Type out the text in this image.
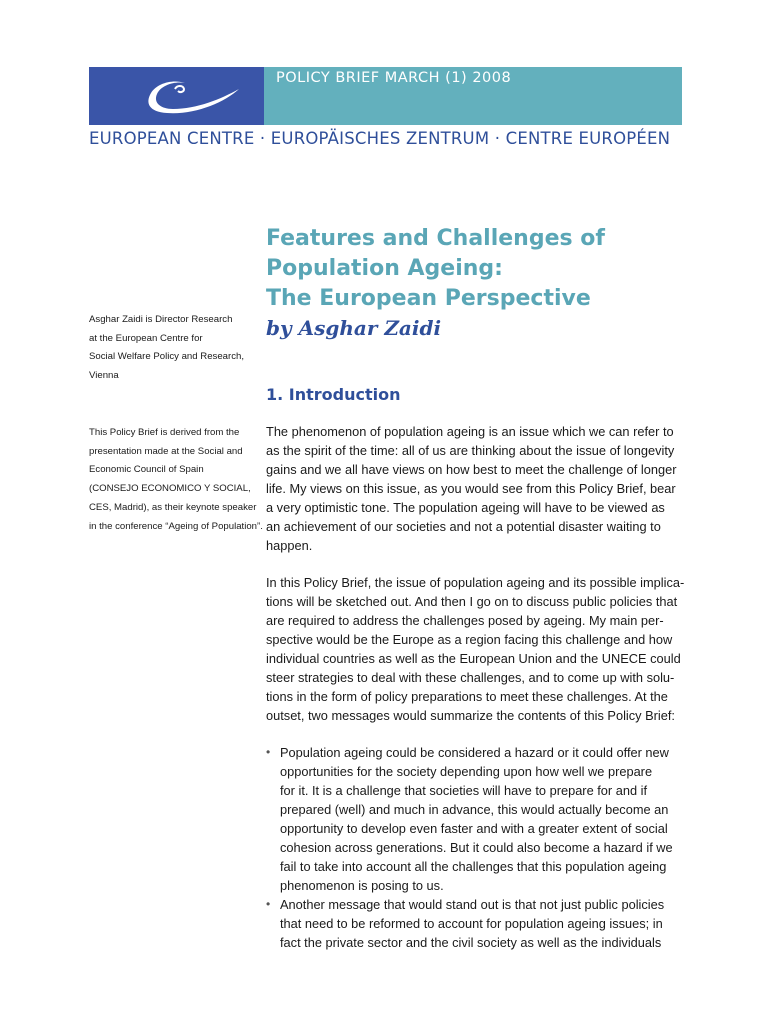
POLICY BRIEF MARCH (1) 2008
EUROPEAN CENTRE · EUROPÄISCHES ZENTRUM · CENTRE EUROPÉEN
Features and Challenges of
Population Ageing:
The European Perspective
by Asghar Zaidi
Asghar Zaidi is Director Research
at the European Centre for
Social Welfare Policy and Research,
Vienna
This Policy Brief is derived from the
presentation made at the Social and
Economic Council of Spain
(CONSEJO ECONOMICO Y SOCIAL,
CES, Madrid), as their keynote speaker
in the conference “Ageing of Population”.
1. Introduction
The phenomenon of population ageing is an issue which we can refer to
as the spirit of the time: all of us are thinking about the issue of longevity
gains and we all have views on how best to meet the challenge of longer
life. My views on this issue, as you would see from this Policy Brief, bear
a very optimistic tone. The population ageing will have to be viewed as
an achievement of our societies and not a potential disaster waiting to
happen.
In this Policy Brief, the issue of population ageing and its possible implica-
tions will be sketched out. And then I go on to discuss public policies that
are required to address the challenges posed by ageing. My main per-
spective would be the Europe as a region facing this challenge and how
individual countries as well as the European Union and the UNECE could
steer strategies to deal with these challenges, and to come up with solu-
tions in the form of policy preparations to meet these challenges. At the
outset, two messages would summarize the contents of this Policy Brief:
• Population ageing could be considered a hazard or it could offer new
opportunities for the society depending upon how well we prepare
for it. It is a challenge that societies will have to prepare for and if
prepared (well) and much in advance, this would actually become an
opportunity to develop even faster and with a greater extent of social
cohesion across generations. But it could also become a hazard if we
fail to take into account all the challenges that this population ageing
phenomenon is posing to us.
• Another message that would stand out is that not just public policies
that need to be reformed to account for population ageing issues; in
fact the private sector and the civil society as well as the individuals
